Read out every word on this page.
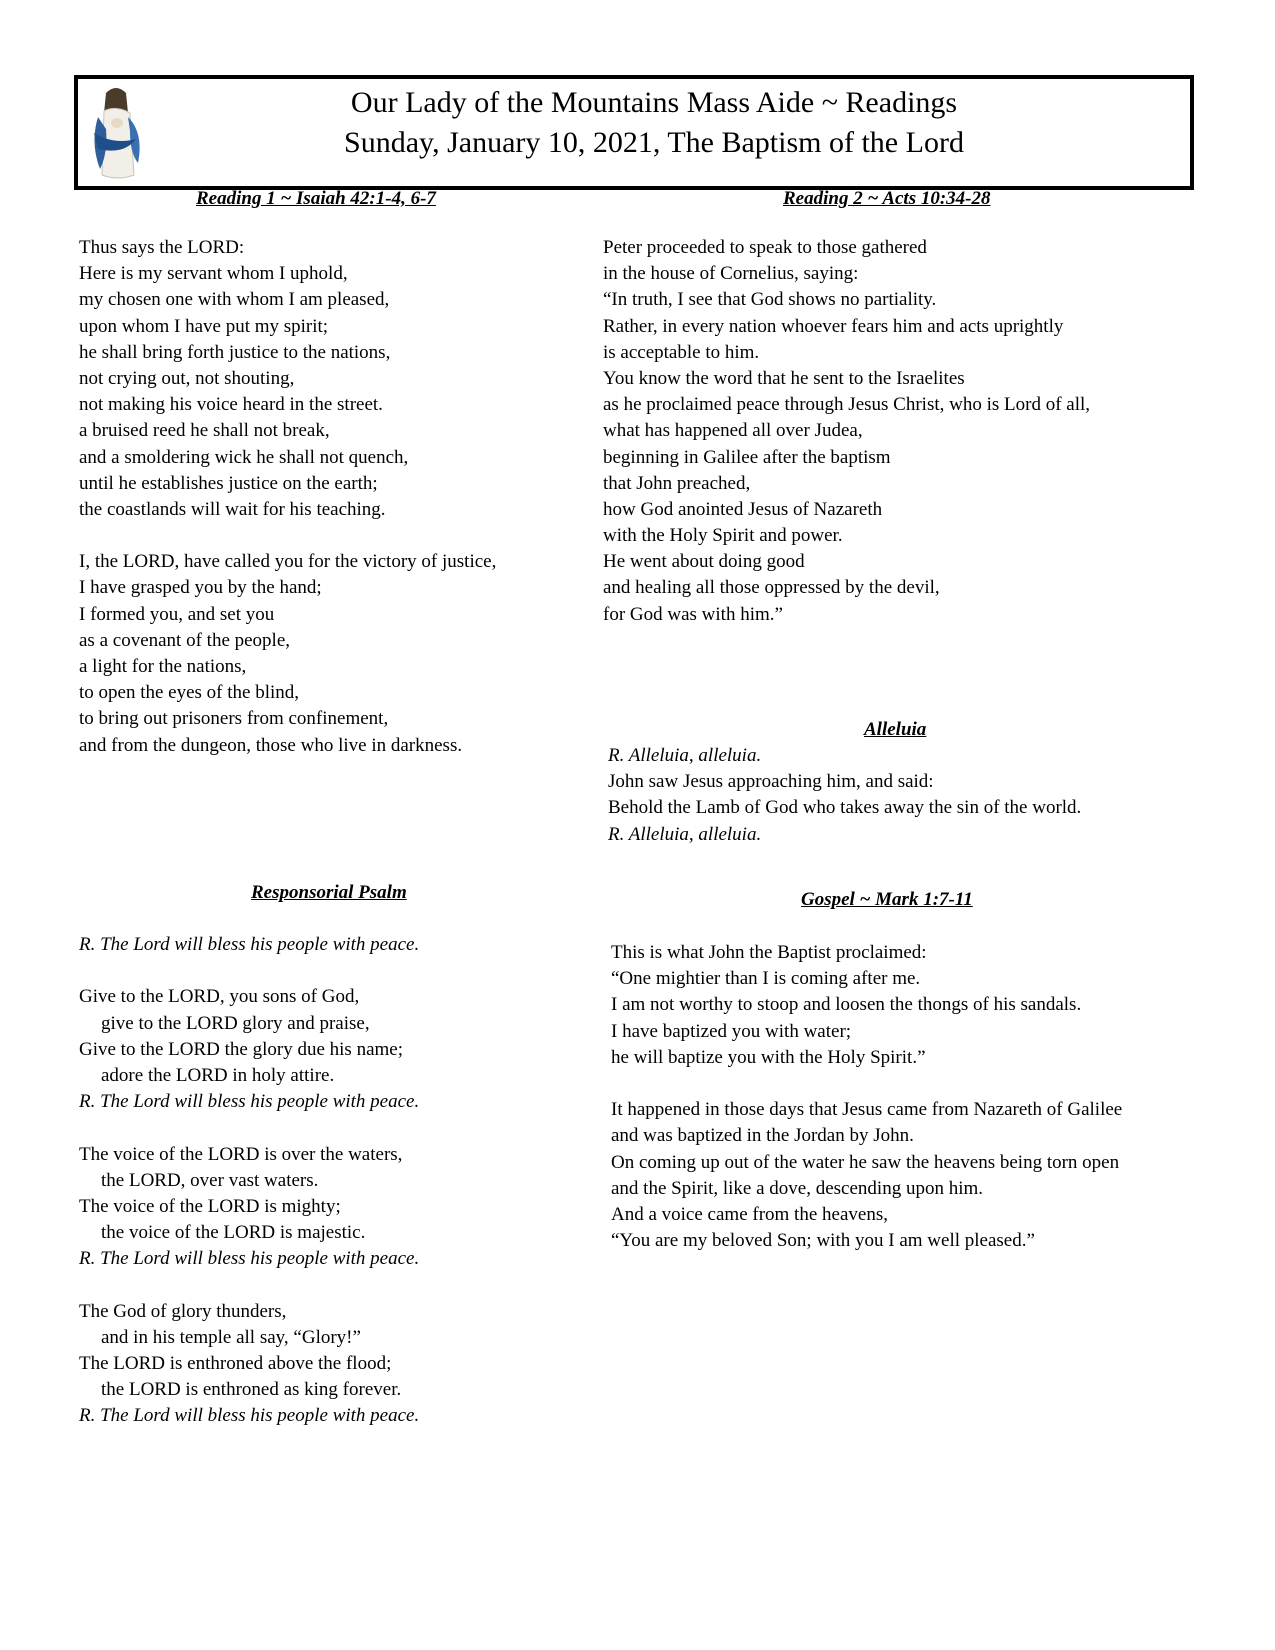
Our Lady of the Mountains Mass Aide ~ Readings
Sunday, January 10, 2021, The Baptism of the Lord
Reading 1 ~ Isaiah 42:1-4, 6-7
Thus says the LORD:
Here is my servant whom I uphold,
my chosen one with whom I am pleased,
upon whom I have put my spirit;
he shall bring forth justice to the nations,
not crying out, not shouting,
not making his voice heard in the street.
a bruised reed he shall not break,
and a smoldering wick he shall not quench,
until he establishes justice on the earth;
the coastlands will wait for his teaching.
I, the LORD, have called you for the victory of justice,
I have grasped you by the hand;
I formed you, and set you
as a covenant of the people,
a light for the nations,
to open the eyes of the blind,
to bring out prisoners from confinement,
and from the dungeon, those who live in darkness.
Reading 2 ~ Acts 10:34-28
Peter proceeded to speak to those gathered
in the house of Cornelius, saying:
“In truth, I see that God shows no partiality.
Rather, in every nation whoever fears him and acts uprightly
is acceptable to him.
You know the word that he sent to the Israelites
as he proclaimed peace through Jesus Christ, who is Lord of all,
what has happened all over Judea,
beginning in Galilee after the baptism
that John preached,
how God anointed Jesus of Nazareth
with the Holy Spirit and power.
He went about doing good
and healing all those oppressed by the devil,
for God was with him.”
Alleluia
R. Alleluia, alleluia.
John saw Jesus approaching him, and said:
Behold the Lamb of God who takes away the sin of the world.
R. Alleluia, alleluia.
Responsorial Psalm
R. The Lord will bless his people with peace.
Give to the LORD, you sons of God,
give to the LORD glory and praise,
Give to the LORD the glory due his name;
adore the LORD in holy attire.
R. The Lord will bless his people with peace.
The voice of the LORD is over the waters,
the LORD, over vast waters.
The voice of the LORD is mighty;
the voice of the LORD is majestic.
R. The Lord will bless his people with peace.
The God of glory thunders,
and in his temple all say, “Glory!”
The LORD is enthroned above the flood;
the LORD is enthroned as king forever.
R. The Lord will bless his people with peace.
Gospel ~ Mark 1:7-11
This is what John the Baptist proclaimed:
“One mightier than I is coming after me.
I am not worthy to stoop and loosen the thongs of his sandals.
I have baptized you with water;
he will baptize you with the Holy Spirit.”
It happened in those days that Jesus came from Nazareth of Galilee
and was baptized in the Jordan by John.
On coming up out of the water he saw the heavens being torn open
and the Spirit, like a dove, descending upon him.
And a voice came from the heavens,
“You are my beloved Son; with you I am well pleased.”
